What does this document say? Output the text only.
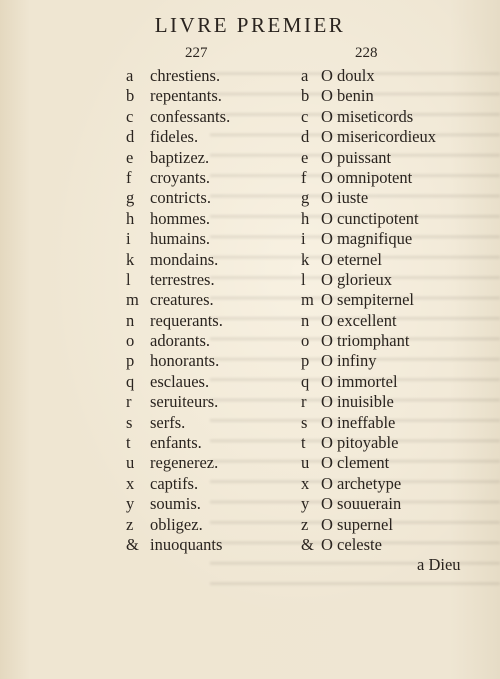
LIVRE PREMIER
227	228
a chrestiens.
b repentants.
c confessants.
d fideles.
e baptizez.
f croyants.
g contricts.
h hommes.
i humains.
k mondains.
l terrestres.
m creatures.
n requerants.
o adorants.
p honorants.
q esclaues.
r seruiteurs.
s serfs.
t enfants.
u regenerez.
x captifs.
y soumis.
z obligez.
& inuoquants
a O doulx
b O benin
c O miseticords
d O misericordieux
e O puissant
f O omnipotent
g O iuste
h O cunctipotent
i O magnifique
k O eternel
l O glorieux
m O sempiternel
n O excellent
o O triomphant
p O infiny
q O immortel
r O inuisible
s O ineffable
t O pitoyable
u O clement
x O archetype
y O souuerain
z O supernel
& O celeste
a Dieu
